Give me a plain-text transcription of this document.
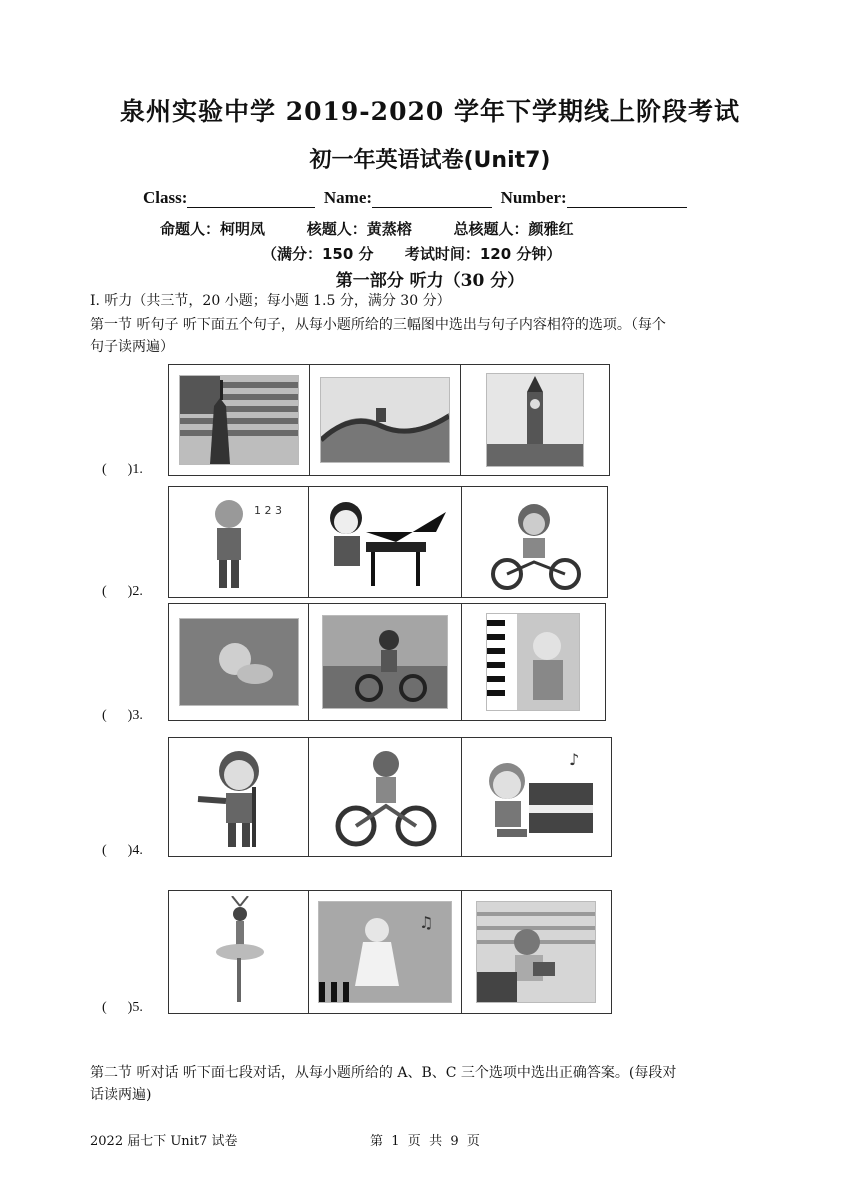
泉州实验中学 2019-2020 学年下学期线上阶段考试
初一年英语试卷(Unit7)
Class:	Name:	Number:
命题人：柯明凤        核题人：黄蒸榕        总核题人：颜雅红
（满分：150 分      考试时间：120 分钟）
第一部分 听力（30 分）
Ⅰ. 听力（共三节，20 小题；每小题 1.5 分，满分 30 分）
第一节 听句子 听下面五个句子，从每小题所给的三幅图中选出与句子内容相符的选项。（每个
句子读两遍）
(      )1.
1 2 3
(      )2.
(      )3.
♪
(      )4.
♫
(      )5.
第二节 听对话 听下面七段对话，从每小题所给的 A、B、C 三个选项中选出正确答案。(每段对
话读两遍)
2022 届七下 Unit7 试卷	第  1  页  共  9  页
